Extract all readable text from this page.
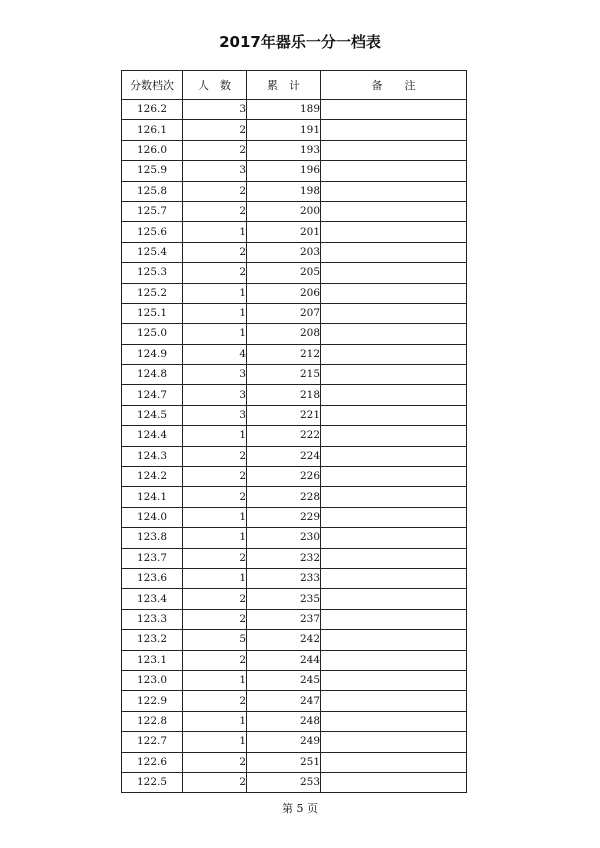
2017年器乐一分一档表
分数档次	人　数	累　计	备　　注
126.2	3	189	
126.1	2	191	
126.0	2	193	
125.9	3	196	
125.8	2	198	
125.7	2	200	
125.6	1	201	
125.4	2	203	
125.3	2	205	
125.2	1	206	
125.1	1	207	
125.0	1	208	
124.9	4	212	
124.8	3	215	
124.7	3	218	
124.5	3	221	
124.4	1	222	
124.3	2	224	
124.2	2	226	
124.1	2	228	
124.0	1	229	
123.8	1	230	
123.7	2	232	
123.6	1	233	
123.4	2	235	
123.3	2	237	
123.2	5	242	
123.1	2	244	
123.0	1	245	
122.9	2	247	
122.8	1	248	
122.7	1	249	
122.6	2	251	
122.5	2	253	
第 5 页
